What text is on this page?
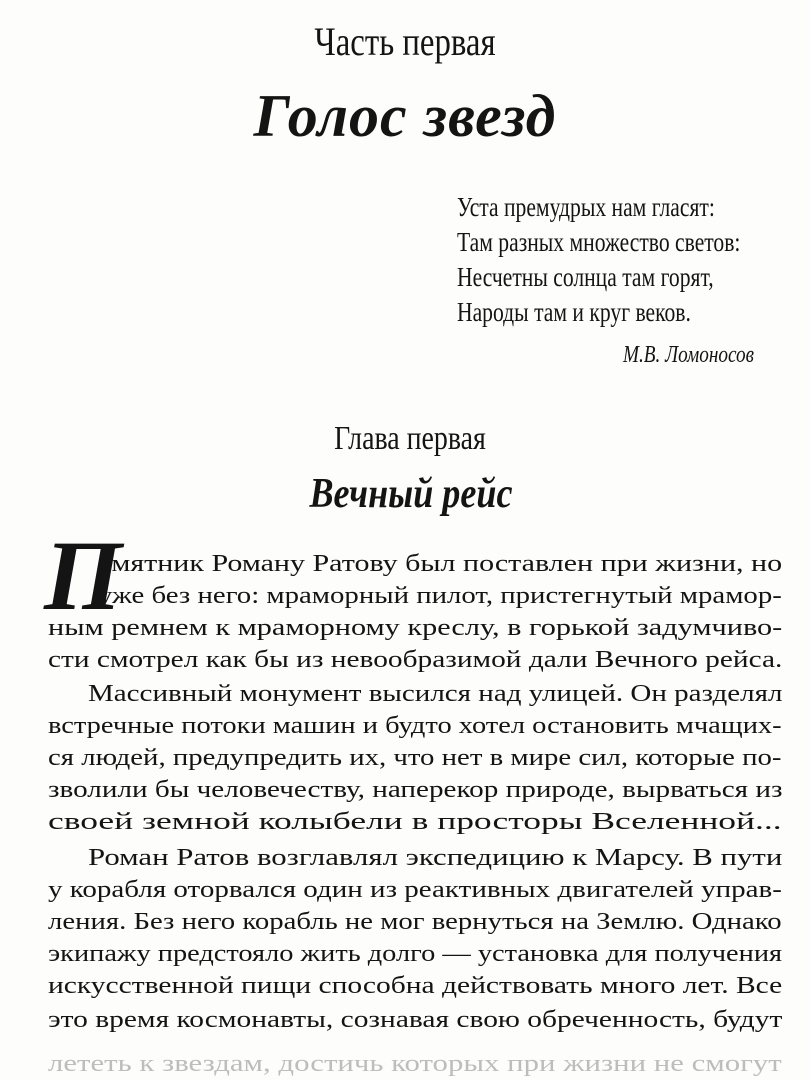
Часть первая
Голос звезд
Уста премудрых нам гласят:
Там разных множество светов:
Несчетны солнца там горят,
Народы там и круг веков.
М.В. Ломоносов
Глава первая
Вечный рейс
П
амятник Роману Ратову был поставлен при жизни, но
уже без него: мраморный пилот, пристегнутый мрамор-
ным ремнем к мраморному креслу, в горькой задумчиво-
сти смотрел как бы из невообразимой дали Вечного рейса.
Массивный монумент высился над улицей. Он разделял
встречные потоки машин и будто хотел остановить мчащих-
ся людей, предупредить их, что нет в мире сил, которые по-
зволили бы человечеству, наперекор природе, вырваться из
своей земной колыбели в просторы Вселенной...
Роман Ратов возглавлял экспедицию к Марсу. В пути
у корабля оторвался один из реактивных двигателей управ-
ления. Без него корабль не мог вернуться на Землю. Однако
экипажу предстояло жить долго — установка для получения
искусственной пищи способна действовать много лет. Все
это время космонавты, сознавая свою обреченность, будут
лететь к звездам, достичь которых при жизни не смогут
